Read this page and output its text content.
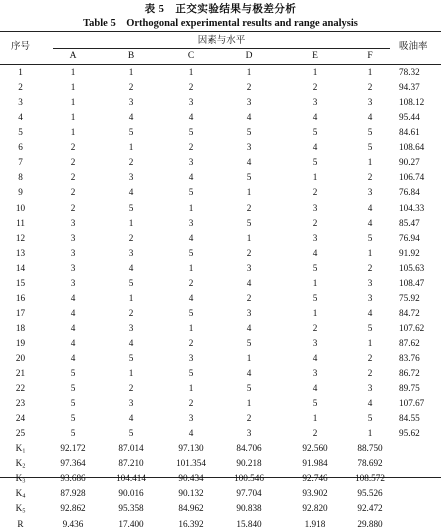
表 5　正交实验结果与极差分析
Table 5　Orthogonal experimental results and range analysis
序号
因素与水平
吸油率
A	B	C	D	E	F
1	1	1	1	1	1	1	78.32
2	1	2	2	2	2	2	94.37
3	1	3	3	3	3	3	108.12
4	1	4	4	4	4	4	95.44
5	1	5	5	5	5	5	84.61
6	2	1	2	3	4	5	108.64
7	2	2	3	4	5	1	90.27
8	2	3	4	5	1	2	106.74
9	2	4	5	1	2	3	76.84
10	2	5	1	2	3	4	104.33
11	3	1	3	5	2	4	85.47
12	3	2	4	1	3	5	76.94
13	3	3	5	2	4	1	91.92
14	3	4	1	3	5	2	105.63
15	3	5	2	4	1	3	108.47
16	4	1	4	2	5	3	75.92
17	4	2	5	3	1	4	84.72
18	4	3	1	4	2	5	107.62
19	4	4	2	5	3	1	87.62
20	4	5	3	1	4	2	83.76
21	5	1	5	4	3	2	86.72
22	5	2	1	5	4	3	89.75
23	5	3	2	1	5	4	107.67
24	5	4	3	2	1	5	84.55
25	5	5	4	3	2	1	95.62
K1	92.172	87.014	97.130	84.706	92.560	88.750
K2	97.364	87.210	101.354	90.218	91.984	78.692
K3	93.686	104.414	90.434	100.546	92.746	108.572
K4	87.928	90.016	90.132	97.704	93.902	95.526
K5	92.862	95.358	84.962	90.838	92.820	92.472
R	9.436	17.400	16.392	15.840	1.918	29.880
